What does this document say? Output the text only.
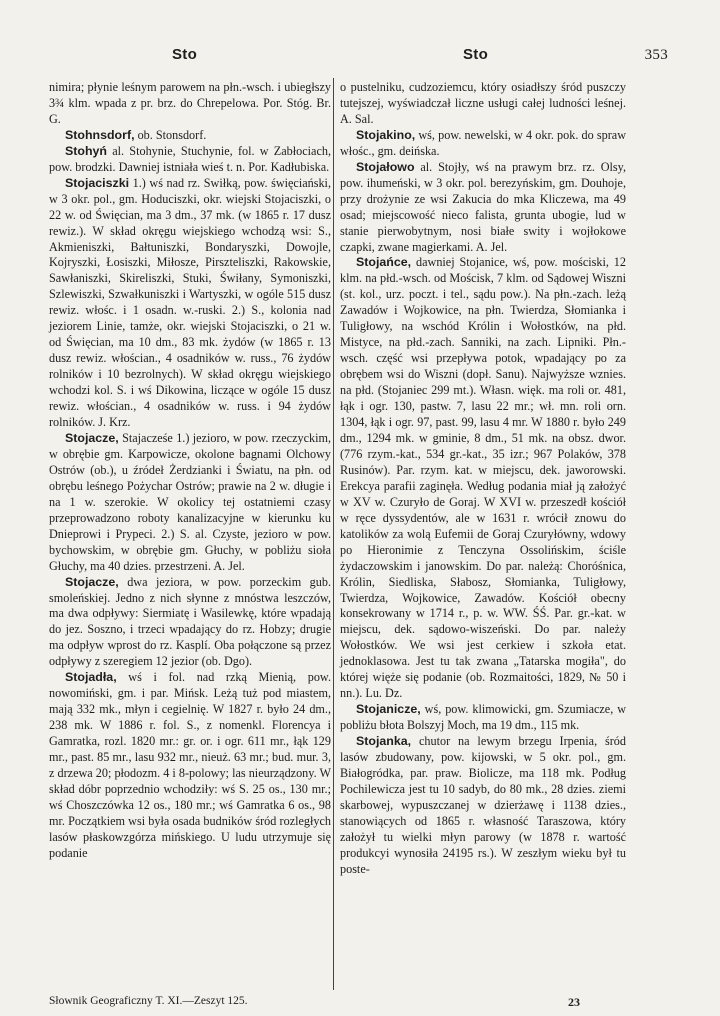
Sto	Sto	353

nimira; płynie leśnym parowem na płn.-wsch. i ubiegłszy 3¾ klm. wpada z pr. brz. do Chrepelowa. Por. Stóg. Br. G.

Stohnsdorf, ob. Stonsdorf.

Stohyń al. Stohynie, Stuchynie, fol. w Zabłociach, pow. brodzki. Dawniej istniała wieś t. n. Por. Kadłubiska.

Stojaciszki 1.) wś nad rz. Swiłką, pow. święciański, w 3 okr. pol., gm. Hoduciszki, okr. wiejski Stojaciszki, o 22 w. od Święcian, ma 3 dm., 37 mk. (w 1865 r. 17 dusz rewiz.). W skład okręgu wiejskiego wchodzą wsi: S., Akmieniszki, Bałtuniszki, Bondaryszki, Dowojle, Kojryszki, Łosiszki, Miłosze, Pirszteliszki, Rakowskie, Sawłaniszki, Skireliszki, Stuki, Świłany, Symoniszki, Szlewiszki, Szwałkuniszki i Wartyszki, w ogóle 515 dusz rewiz. włośc. i 1 osadn. w.-ruski. 2.) S., kolonia nad jeziorem Linie, tamże, okr. wiejski Stojaciszki, o 21 w. od Święcian, ma 10 dm., 83 mk. żydów (w 1865 r. 13 dusz rewiz. włościan., 4 osadników w. russ., 76 żydów rolników i 10 bezrolnych). W skład okręgu wiejskiego wchodzi kol. S. i wś Dikowina, liczące w ogóle 15 dusz rewiz. włościan., 4 osadników w. russ. i 94 żydów rolników. J. Krz.

Stojacze, Stajacześe 1.) jezioro, w pow. rzeczyckim, w obrębie gm. Karpowicze, okolone bagnami Olchowy Ostrów (ob.), u źródeł Żerdzianki i Światu, na płn. od obrębu leśnego Pożychar Ostrów; prawie na 2 w. długie i na 1 w. szerokie. W okolicy tej ostatniemi czasy przeprowadzono roboty kanalizacyjne w kierunku ku Dnieprowi i Prypeci. 2.) S. al. Czyste, jezioro w pow. bychowskim, w obrębie gm. Głuchy, w pobliżu sioła Głuchy, ma 40 dzies. przestrzeni. A. Jel.

Stojacze, dwa jeziora, w pow. porzeckim gub. smoleńskiej. Jedno z nich słynne z mnóstwa leszczów, ma dwa odpływy: Siermiatę i Wasilewkę, które wpadają do jez. Soszno, i trzeci wpadający do rz. Hobzy; drugie ma odpływ wprost do rz. Kasplí. Oba połączone są przez odpływy z szeregiem 12 jezior (ob. Dgo).

Stojadła, wś i fol. nad rzką Mienią, pow. nowomiński, gm. i par. Mińsk. Leżą tuż pod miastem, mają 332 mk., młyn i cegielnię. W 1827 r. było 24 dm., 238 mk. W 1886 r. fol. S., z nomenkl. Florencya i Gamratka, rozl. 1820 mr.: gr. or. i ogr. 611 mr., łąk 129 mr., past. 85 mr., lasu 932 mr., nieuż. 63 mr.; bud. mur. 3, z drzewa 20; płodozm. 4 i 8-polowy; las nieurządzony. W skład dóbr poprzednio wchodziły: wś S. 25 os., 130 mr.; wś Choszczówka 12 os., 180 mr.; wś Gamratka 6 os., 98 mr. Początkiem wsi była osada budników śród rozległych lasów płaskowzgórza mińskiego. U ludu utrzymuje się podanie

o pustelniku, cudzoziemcu, który osiadłszy śród puszczy tutejszej, wyświadczał liczne usługi całej ludności leśnej. A. Sal.

Stojakino, wś, pow. newelski, w 4 okr. pok. do spraw włośc., gm. deińska.

Stojałowo al. Stojły, wś na prawym brz. rz. Olsy, pow. ihumeński, w 3 okr. pol. berezyńskim, gm. Douhoje, przy drożynie ze wsi Zakucia do mka Kliczewa, ma 49 osad; miejscowość nieco falista, grunta ubogie, lud w stanie pierwobytnym, nosi białe swity i wojłokowe czapki, zwane magierkami. A. Jel.

Stojańce, dawniej Stojanice, wś, pow. mościski, 12 klm. na płd.-wsch. od Mościsk, 7 klm. od Sądowej Wiszni (st. kol., urz. poczt. i tel., sądu pow.). Na płn.-zach. leżą Zawadów i Wojkowice, na płn. Twierdza, Słomianka i Tuligłowy, na wschód Królin i Wołostków, na płd. Mistyce, na płd.-zach. Sanniki, na zach. Lipniki. Płn.-wsch. część wsi przepływa potok, wpadający po za obrębem wsi do Wiszni (dopł. Sanu). Najwyższe wznies. na płd. (Stojaniec 299 mt.). Własn. więk. ma roli or. 481, łąk i ogr. 130, pastw. 7, lasu 22 mr.; wł. mn. roli orn. 1304, łąk i ogr. 97, past. 99, lasu 4 mr. W 1880 r. było 249 dm., 1294 mk. w gminie, 8 dm., 51 mk. na obsz. dwor. (776 rzym.-kat., 534 gr.-kat., 35 izr.; 967 Polaków, 378 Rusinów). Par. rzym. kat. w miejscu, dek. jaworowski. Erekcya parafii zaginęła. Według podania miał ją założyć w XV w. Czuryło de Goraj. W XVI w. przeszedł kościół w ręce dyssydentów, ale w 1631 r. wrócił znowu do katolików za wolą Eufemii de Goraj Czuryłówny, wdowy po Hieronimie z Tenczyna Ossolińskim, ściśle żydaczowskim i janowskim. Do par. należą: Choróśnica, Królin, Siedliska, Słabosz, Słomianka, Tuligłowy, Twierdza, Wojkowice, Zawadów. Kościół obecny konsekrowany w 1714 r., p. w. WW. ŚŚ. Par. gr.-kat. w miejscu, dek. sądowo-wiszeński. Do par. należy Wołostków. We wsi jest cerkiew i szkoła etat. jednoklasowa. Jest tu tak zwana „Tatarska mogiła", do której więże się podanie (ob. Rozmaitości, 1829, № 50 i nn.). Lu. Dz.

Stojanicze, wś, pow. klimowicki, gm. Szumiacze, w pobliżu błota Bolszyj Moch, ma 19 dm., 115 mk.

Stojanka, chutor na lewym brzegu Irpenia, śród lasów zbudowany, pow. kijowski, w 5 okr. pol., gm. Białogródka, par. praw. Biolicze, ma 118 mk. Podług Pochilewicza jest tu 10 sadyb, do 80 mk., 28 dzies. ziemi skarbowej, wypuszczanej w dzierżawę i 1138 dzies., stanowiących od 1865 r. własność Taraszowa, który założył tu wielki młyn parowy (w 1878 r. wartość produkcyi wynosiła 24195 rs.). W zeszłym wieku był tu poste-

Słownik Geograficzny T. XI.—Zeszyt 125.	23
